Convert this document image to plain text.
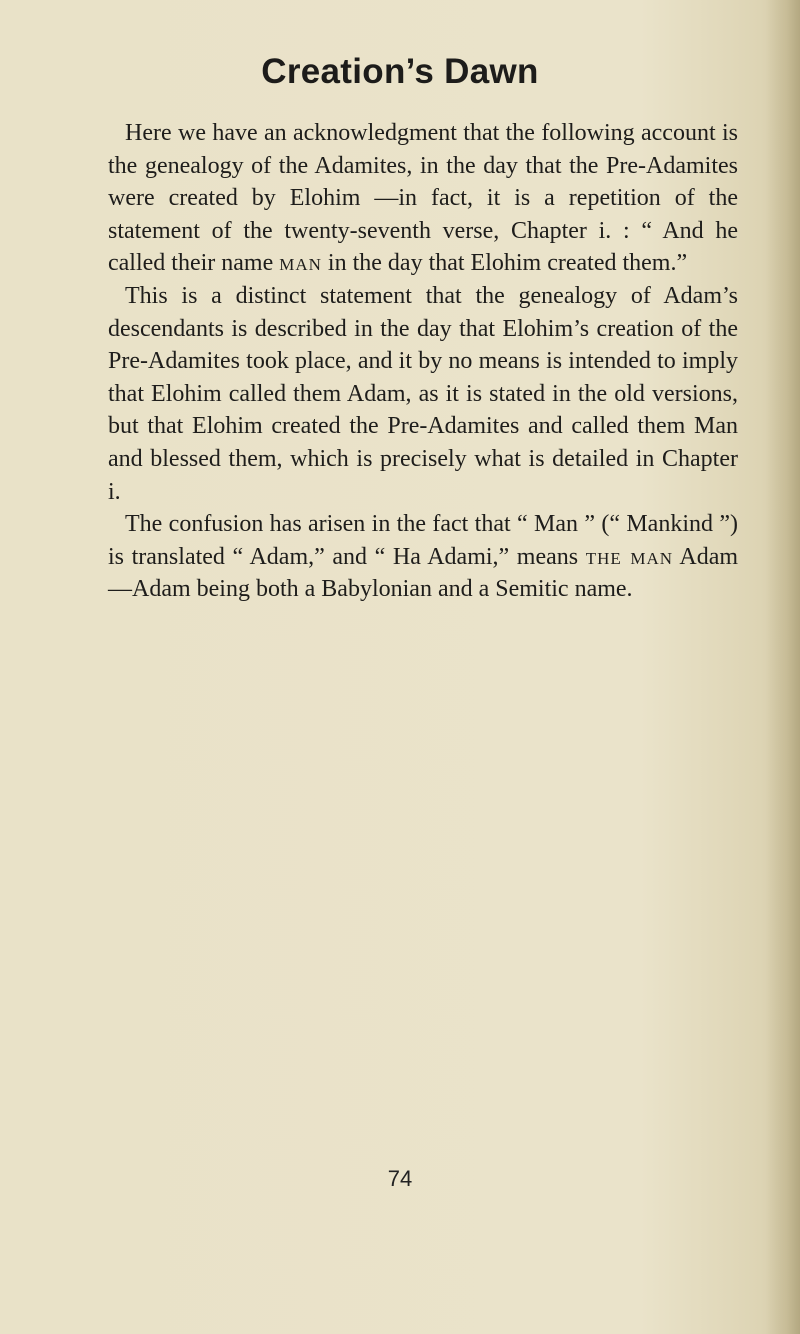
Creation’s Dawn

Here we have an acknowledgment that the following account is the genealogy of the Adamites, in the day that the Pre-Adamites were created by Elohim —in fact, it is a repetition of the statement of the twenty-seventh verse, Chapter i. : “ And he called their name man in the day that Elohim created them.”

This is a distinct statement that the genealogy of Adam’s descendants is described in the day that Elohim’s creation of the Pre-Adamites took place, and it by no means is intended to imply that Elohim called them Adam, as it is stated in the old versions, but that Elohim created the Pre-Adamites and called them Man and blessed them, which is precisely what is detailed in Chapter i.

The confusion has arisen in the fact that “ Man ” (“ Mankind ”) is translated “ Adam,” and “ Ha Adami,” means the man Adam—Adam being both a Babylonian and a Semitic name.

74
